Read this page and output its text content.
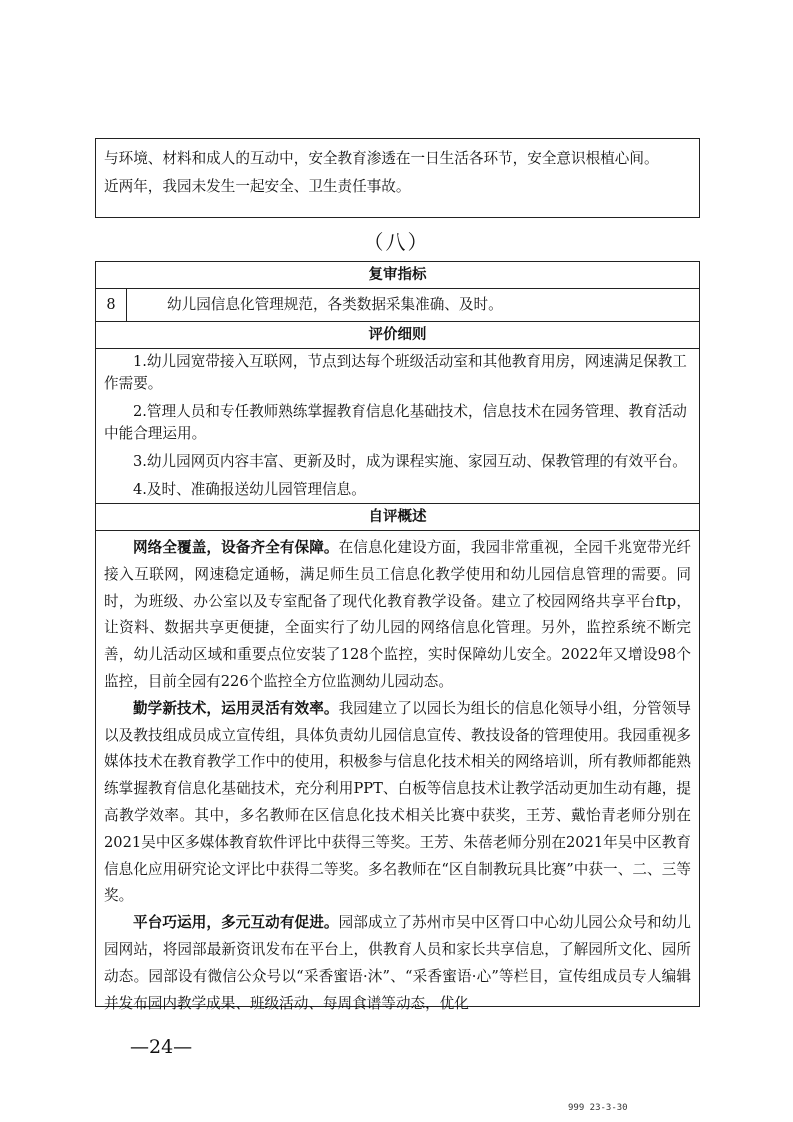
与环境、材料和成人的互动中，安全教育渗透在一日生活各环节，安全意识根植心间。

近两年，我园未发生一起安全、卫生责任事故。

（八）
复审指标
8	幼儿园信息化管理规范，各类数据采集准确、及时。
评价细则

1.幼儿园宽带接入互联网，节点到达每个班级活动室和其他教育用房，网速满足保教工作需要。

2.管理人员和专任教师熟练掌握教育信息化基础技术，信息技术在园务管理、教育活动中能合理运用。

3.幼儿园网页内容丰富、更新及时，成为课程实施、家园互动、保教管理的有效平台。

4.及时、准确报送幼儿园管理信息。

自评概述

网络全覆盖，设备齐全有保障。在信息化建设方面，我园非常重视，全园千兆宽带光纤接入互联网，网速稳定通畅，满足师生员工信息化教学使用和幼儿园信息管理的需要。同时，为班级、办公室以及专室配备了现代化教育教学设备。建立了校园网络共享平台ftp，让资料、数据共享更便捷，全面实行了幼儿园的网络信息化管理。另外，监控系统不断完善，幼儿活动区域和重要点位安装了128个监控，实时保障幼儿安全。2022年又增设98个监控，目前全园有226个监控全方位监测幼儿园动态。

勤学新技术，运用灵活有效率。我园建立了以园长为组长的信息化领导小组，分管领导以及教技组成员成立宣传组，具体负责幼儿园信息宣传、教技设备的管理使用。我园重视多媒体技术在教育教学工作中的使用，积极参与信息化技术相关的网络培训，所有教师都能熟练掌握教育信息化基础技术，充分利用PPT、白板等信息技术让教学活动更加生动有趣，提高教学效率。其中，多名教师在区信息化技术相关比赛中获奖，王芳、戴怡青老师分别在2021吴中区多媒体教育软件评比中获得三等奖。王芳、朱蓓老师分别在2021年吴中区教育信息化应用研究论文评比中获得二等奖。多名教师在“区自制教玩具比赛”中获一、二、三等奖。

平台巧运用，多元互动有促进。园部成立了苏州市吴中区胥口中心幼儿园公众号和幼儿园网站，将园部最新资讯发布在平台上，供教育人员和家长共享信息，了解园所文化、园所动态。园部设有微信公众号以“采香蜜语·沐”、“采香蜜语·心”等栏目，宣传组成员专人编辑并发布园内教学成果、班级活动、每周食谱等动态，优化

—24—
999 23-3-30
